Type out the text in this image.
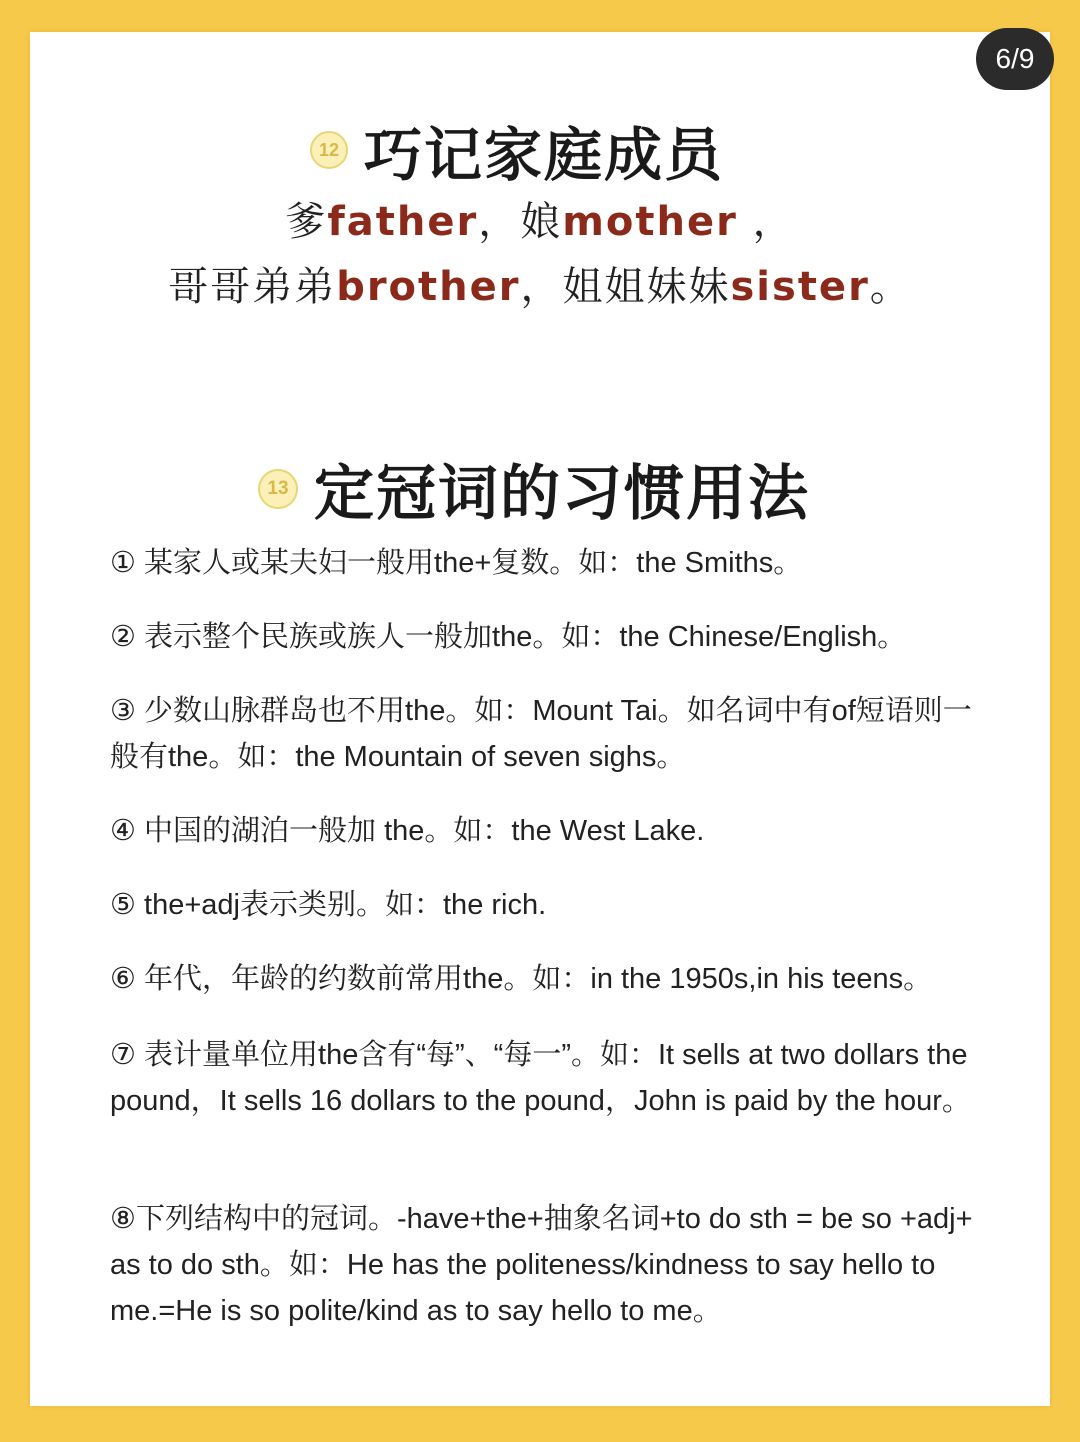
6/9
12 巧记家庭成员
爹father，娘mother ，
哥哥弟弟brother，姐姐妹妹sister。
13 定冠词的习惯用法
① 某家人或某夫妇一般用the+复数。如：the Smiths。
② 表示整个民族或族人一般加the。如：the Chinese/English。
③ 少数山脉群岛也不用the。如：Mount Tai。如名词中有of短语则一般有the。如：the Mountain of seven sighs。
④ 中国的湖泊一般加 the。如：the West Lake.
⑤ the+adj表示类别。如：the rich.
⑥ 年代，年龄的约数前常用the。如：in the 1950s,in his teens。
⑦ 表计量单位用the含有“每”、“每一”。如：It sells at two dollars the pound，It sells 16 dollars to the pound，John is paid by the hour。
⑧下列结构中的冠词。-have+the+抽象名词+to do sth = be so +adj+ as to do sth。如：He has the politeness/kindness to say hello to me.=He is so polite/kind as to say hello to me。
